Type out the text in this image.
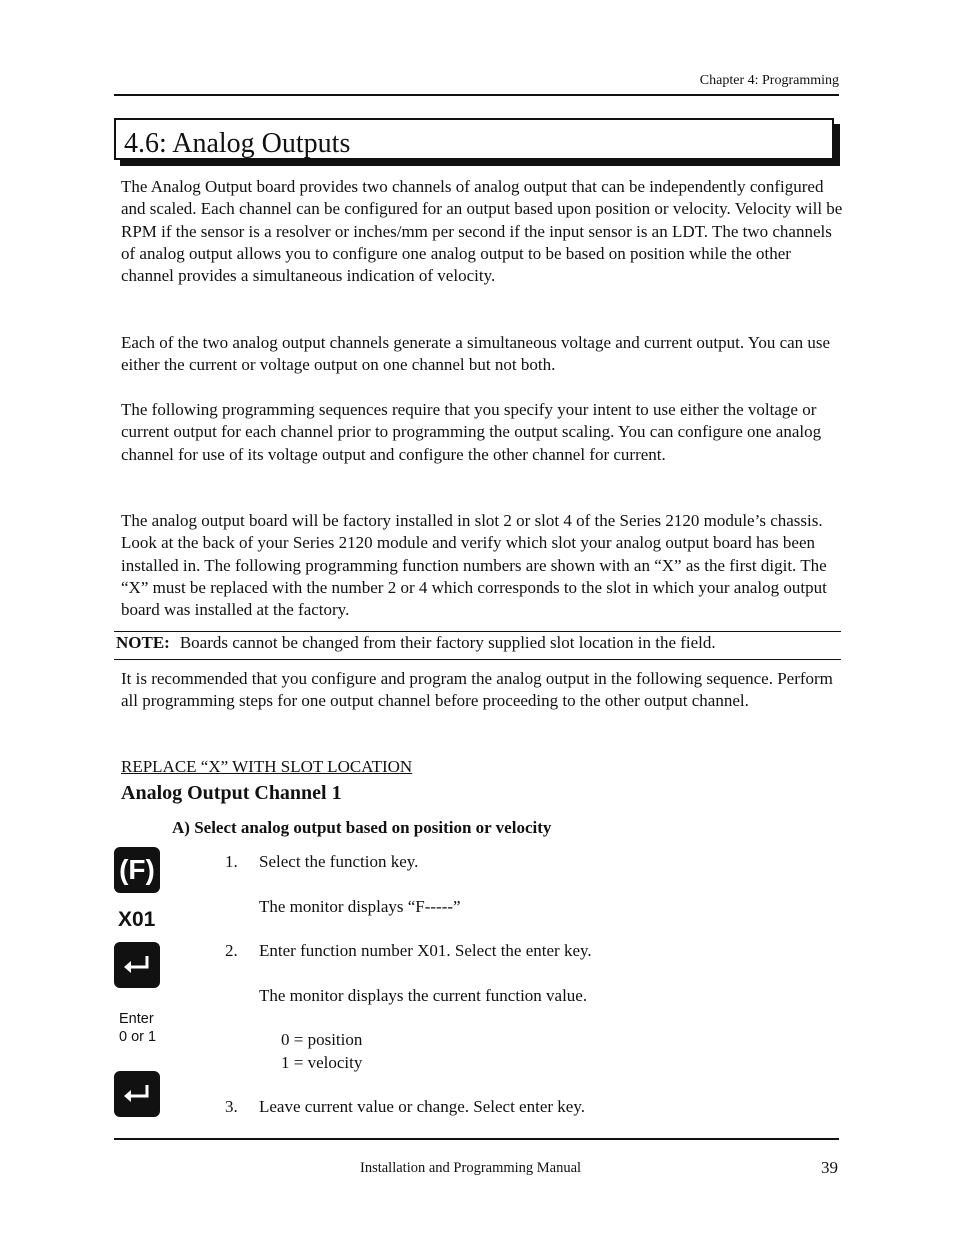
Chapter 4: Programming
4.6: Analog Outputs
The Analog Output board provides two channels of analog output that can be independently configured and scaled. Each channel can be configured for an output based upon position or velocity. Velocity will be RPM if the sensor is a resolver or inches/mm per second if the input sensor is an LDT. The two channels of analog output allows you to configure one analog output to be based on position while the other channel provides a simultaneous indication of velocity.
Each of the two analog output channels generate a simultaneous voltage and current output. You can use either the current or voltage output on one channel but not both.
The following programming sequences require that you specify your intent to use either the voltage or current output for each channel prior to programming the output scaling. You can configure one analog channel for use of its voltage output and configure the other channel for current.
The analog output board will be factory installed in slot 2 or slot 4 of the Series 2120 module’s chassis. Look at the back of your Series 2120 module and verify which slot your analog output board has been installed in. The following programming function numbers are shown with an “X” as the first digit. The “X” must be replaced with the number 2 or 4 which corresponds to the slot in which your analog output board was installed at the factory.
NOTE: Boards cannot be changed from their factory supplied slot location in the field.
It is recommended that you configure and program the analog output in the following sequence. Perform all programming steps for one output channel before proceeding to the other output channel.
REPLACE “X” WITH SLOT LOCATION
Analog Output Channel 1
A) Select analog output based on position or velocity
(F)
X01
Enter
0 or 1
1. Select the function key.
The monitor displays “F-----”
2. Enter function number X01. Select the enter key.
The monitor displays the current function value.
0 = position
1 = velocity
3. Leave current value or change. Select enter key.
Installation and Programming Manual	39
